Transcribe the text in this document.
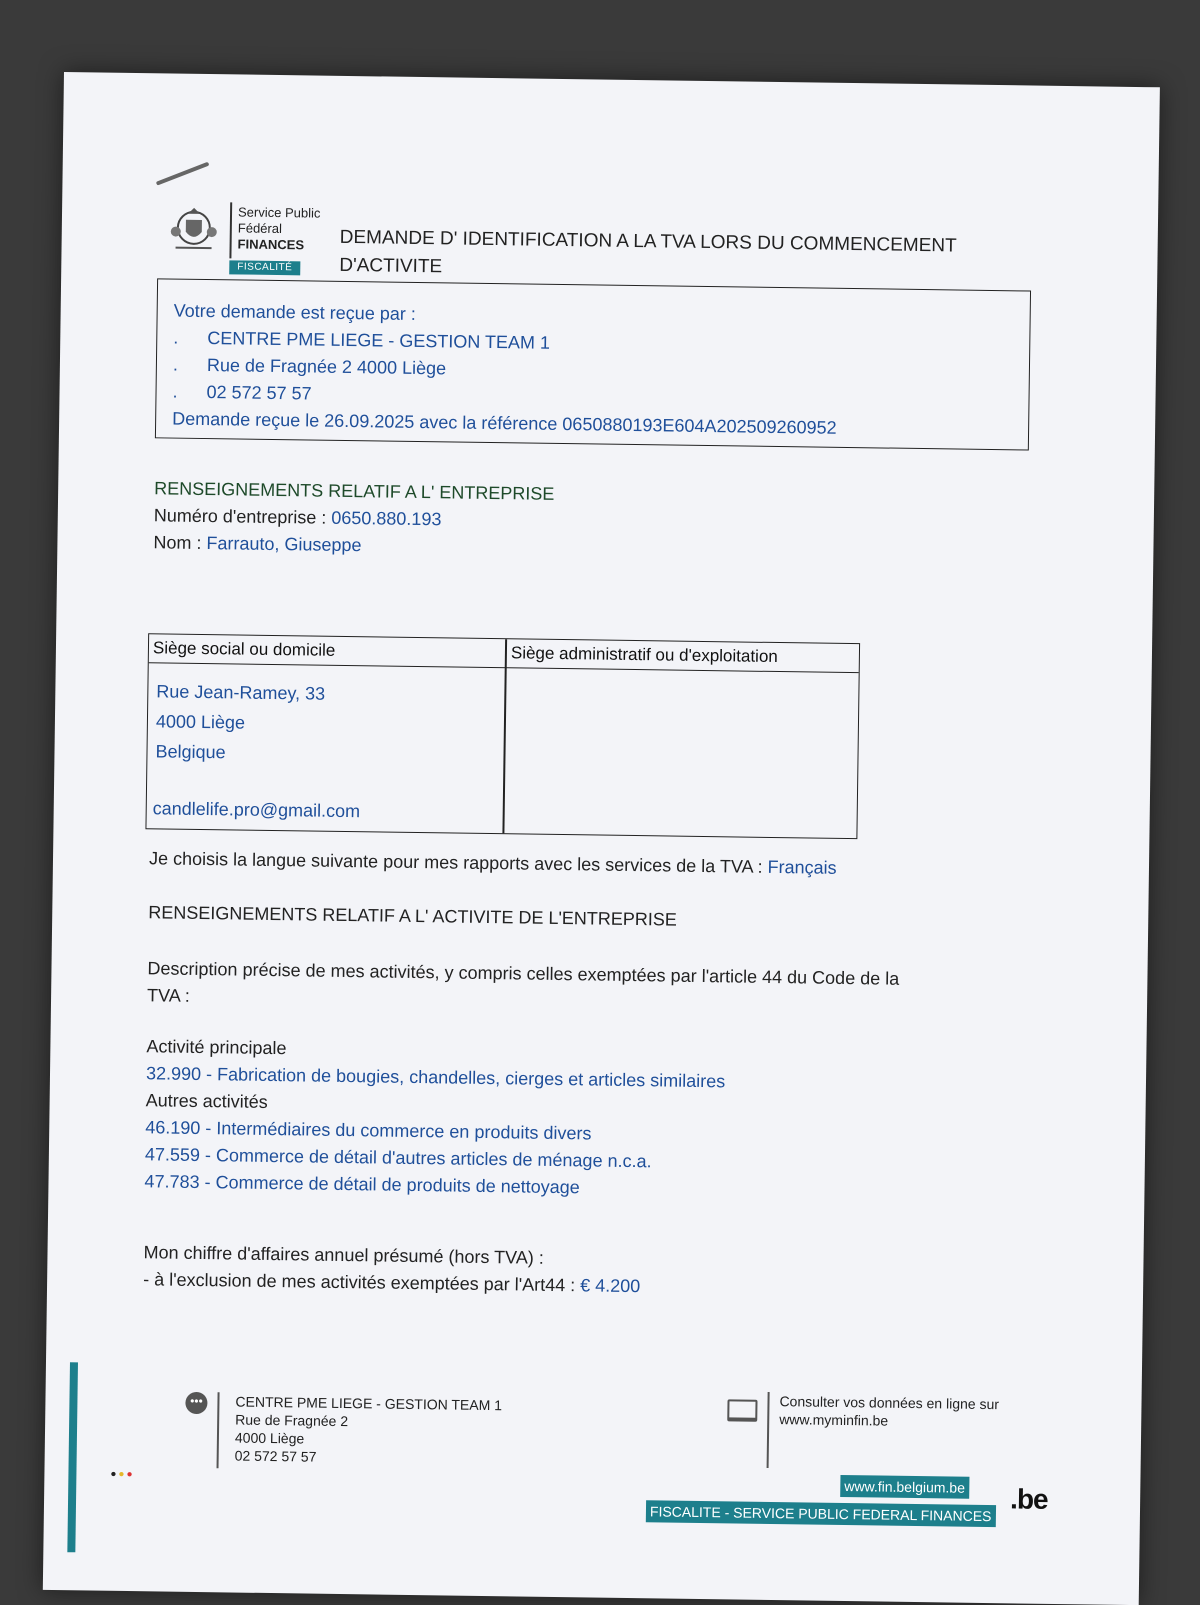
Service Public
Fédéral
FINANCES
FISCALITÉ
DEMANDE D' IDENTIFICATION A LA TVA LORS DU COMMENCEMENT
D'ACTIVITE
Votre demande est reçue par :
. CENTRE PME LIEGE - GESTION TEAM 1
. Rue de Fragnée 2 4000 Liège
. 02 572 57 57
Demande reçue le 26.09.2025 avec la référence 0650880193E604A202509260952
RENSEIGNEMENTS RELATIF A L' ENTREPRISE
Numéro d'entreprise : 0650.880.193
Nom : Farrauto, Giuseppe
Siège social ou domicile	Siège administratif ou d'exploitation
Rue Jean-Ramey, 33
4000 Liège
Belgique
candlelife.pro@gmail.com
Je choisis la langue suivante pour mes rapports avec les services de la TVA : Français
RENSEIGNEMENTS RELATIF A L' ACTIVITE DE L'ENTREPRISE
Description précise de mes activités, y compris celles exemptées par l'article 44 du Code de la
TVA :
Activité principale
32.990 - Fabrication de bougies, chandelles, cierges et articles similaires
Autres activités
46.190 - Intermédiaires du commerce en produits divers
47.559 - Commerce de détail d'autres articles de ménage n.c.a.
47.783 - Commerce de détail de produits de nettoyage
Mon chiffre d'affaires annuel présumé (hors TVA) :
- à l'exclusion de mes activités exemptées par l'Art44 : € 4.200
●●●
•••	CENTRE PME LIEGE - GESTION TEAM 1
Rue de Fragnée 2
4000 Liège
02 572 57 57
Consulter vos données en ligne sur
www.myminfin.be
www.fin.belgium.be
FISCALITE - SERVICE PUBLIC FEDERAL FINANCES .be
